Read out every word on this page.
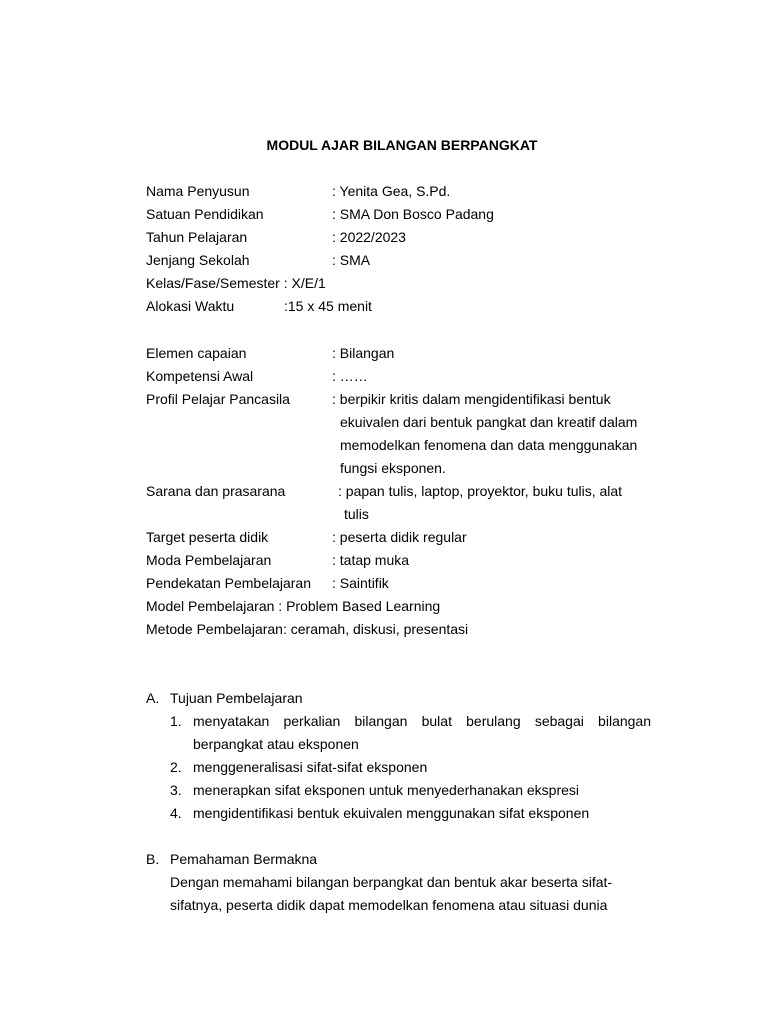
MODUL AJAR BILANGAN BERPANGKAT
Nama Penyusun	: Yenita Gea, S.Pd.
Satuan Pendidikan	: SMA Don Bosco Padang
Tahun Pelajaran	: 2022/2023
Jenjang Sekolah	: SMA
Kelas/Fase/Semester : X/E/1
Alokasi Waktu	:15 x 45 menit
Elemen capaian	: Bilangan
Kompetensi Awal	: ……
Profil Pelajar Pancasila	: berpikir kritis dalam mengidentifikasi bentuk
ekuivalen dari bentuk pangkat dan kreatif dalam
memodelkan fenomena dan data menggunakan
fungsi eksponen.
Sarana dan prasarana	: papan tulis, laptop, proyektor, buku tulis, alat
tulis
Target peserta didik	: peserta didik regular
Moda Pembelajaran	: tatap muka
Pendekatan Pembelajaran : Saintifik
Model Pembelajaran : Problem Based Learning
Metode Pembelajaran: ceramah, diskusi, presentasi
A. Tujuan Pembelajaran
1. menyatakan perkalian bilangan bulat berulang sebagai bilangan
berpangkat atau eksponen
2. menggeneralisasi sifat-sifat eksponen
3. menerapkan sifat eksponen untuk menyederhanakan ekspresi
4. mengidentifikasi bentuk ekuivalen menggunakan sifat eksponen
B. Pemahaman Bermakna
Dengan memahami bilangan berpangkat dan bentuk akar beserta sifat-
sifatnya, peserta didik dapat memodelkan fenomena atau situasi dunia
